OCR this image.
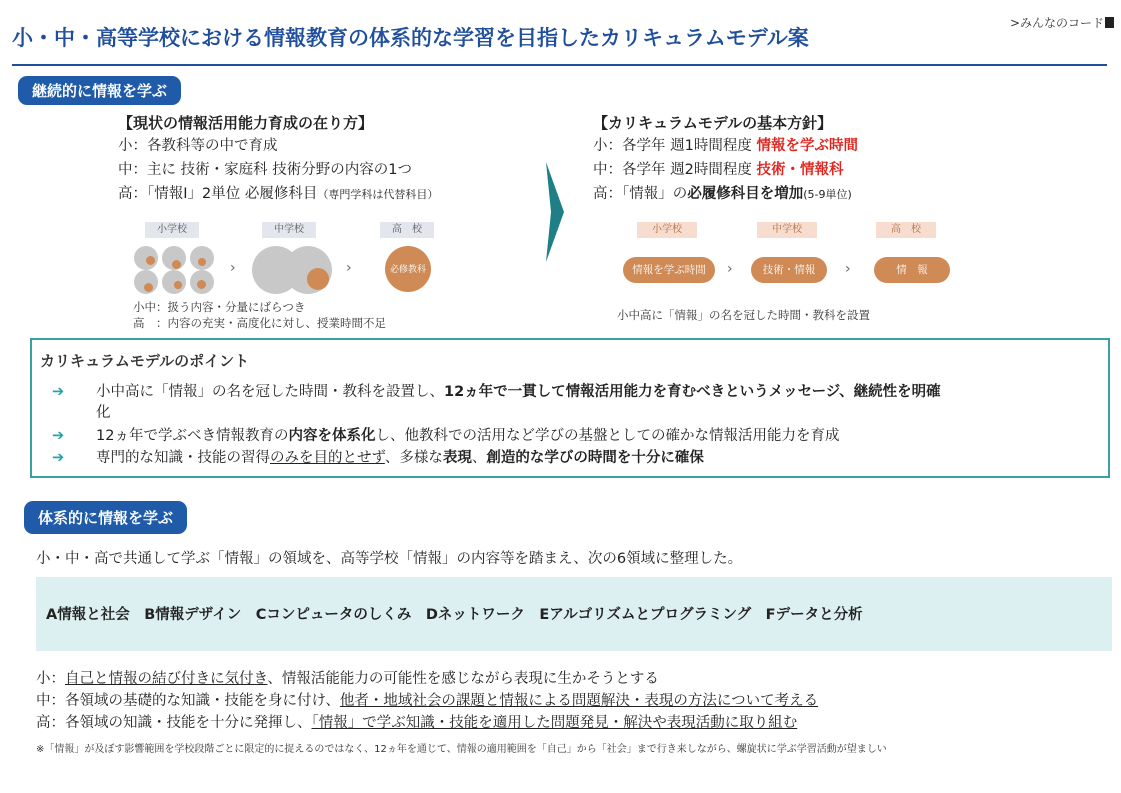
小・中・高等学校における情報教育の体系的な学習を目指したカリキュラムモデル案
>みんなのコード
継続的に情報を学ぶ
【現状の情報活用能力育成の在り方】
小：各教科等の中で育成
中：主に 技術・家庭科 技術分野の内容の1つ
高：「情報Ⅰ」2単位 必履修科目（専門学科は代替科目）
小学校	中学校	高　校
›	›	必修教科
小中：扱う内容・分量にばらつき
高　：内容の充実・高度化に対し、授業時間不足
【カリキュラムモデルの基本方針】
小：各学年 週1時間程度 情報を学ぶ時間
中：各学年 週2時間程度 技術・情報科
高：「情報」の必履修科目を増加(5-9単位)
小学校	中学校	高　校
情報を学ぶ時間	›	技術・情報	›	情　報
小中高に「情報」の名を冠した時間・教科を設置
カリキュラムモデルのポイント
➔ 小中高に「情報」の名を冠した時間・教科を設置し、12ヵ年で一貫して情報活用能力を育むべきというメッセージ、継続性を明確
化
➔ 12ヵ年で学ぶべき情報教育の内容を体系化し、他教科での活用など学びの基盤としての確かな情報活用能力を育成
➔ 専門的な知識・技能の習得のみを目的とせず、多様な表現、創造的な学びの時間を十分に確保
体系的に情報を学ぶ
小・中・高で共通して学ぶ「情報」の領域を、高等学校「情報」の内容等を踏まえ、次の6領域に整理した。
A情報と社会　B情報デザイン　Cコンピュータのしくみ　Dネットワーク　Eアルゴリズムとプログラミング　Fデータと分析
小：自己と情報の結び付きに気付き、情報活能能力の可能性を感じながら表現に生かそうとする
中：各領域の基礎的な知識・技能を身に付け、他者・地域社会の課題と情報による問題解決・表現の方法について考える
高：各領域の知識・技能を十分に発揮し、「情報」で学ぶ知識・技能を適用した問題発見・解決や表現活動に取り組む
※「情報」が及ぼす影響範囲を学校段階ごとに限定的に捉えるのではなく、12ヵ年を通じて、情報の適用範囲を「自己」から「社会」まで行き来しながら、螺旋状に学ぶ学習活動が望ましい
